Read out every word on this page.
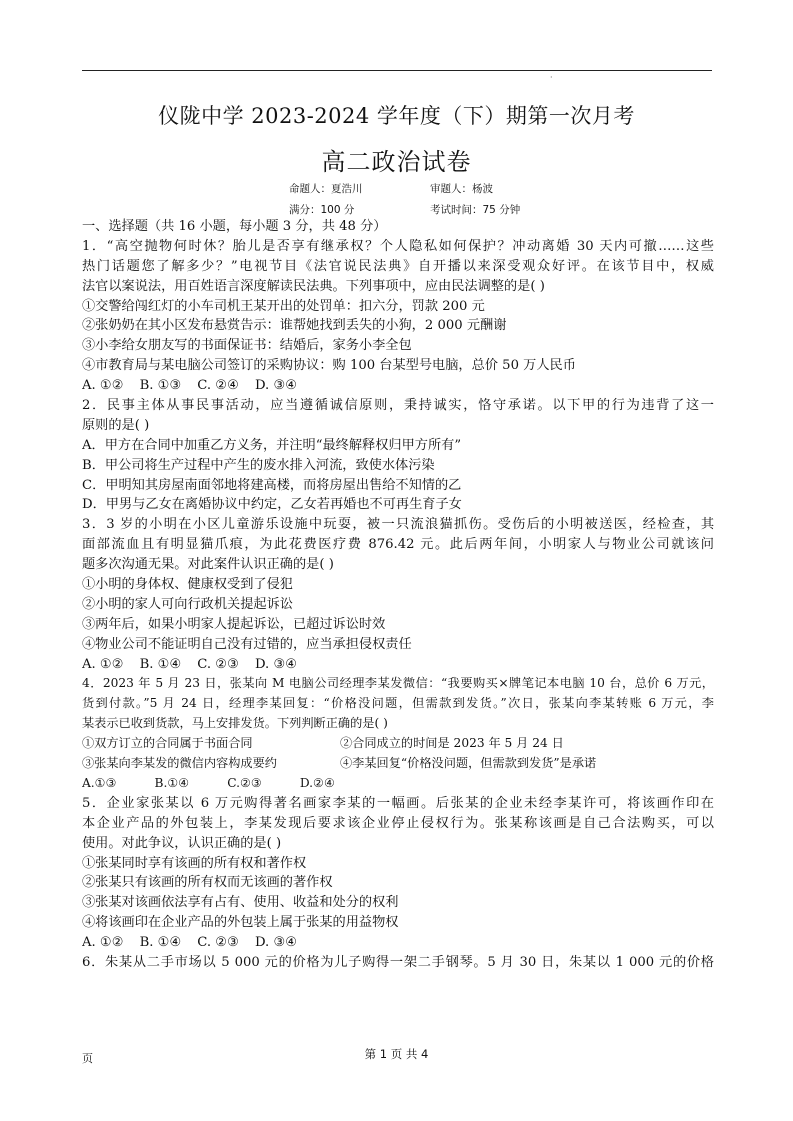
·
仪陇中学 2023-2024 学年度（下）期第一次月考
高二政治试卷
命题人：夏浩川	审题人：杨波
满分：100 分	考试时间：75 分钟
一、选择题（共 16 小题，每小题 3 分，共 48 分）
1．“高空抛物何时休？胎儿是否享有继承权？个人隐私如何保护？冲动离婚 30 天内可撤……这些
热门话题您了解多少？”电视节目《法官说民法典》自开播以来深受观众好评。在该节目中，权威
法官以案说法，用百姓语言深度解读民法典。下列事项中，应由民法调整的是( )
①交警给闯红灯的小车司机王某开出的处罚单：扣六分，罚款 200 元
②张奶奶在其小区发布悬赏告示：谁帮她找到丢失的小狗，2 000 元酬谢
③小李给女朋友写的书面保证书：结婚后，家务小李全包
④市教育局与某电脑公司签订的采购协议：购 100 台某型号电脑，总价 50 万人民币
A. ①② B. ①③ C. ②④ D. ③④
2．民事主体从事民事活动，应当遵循诚信原则，秉持诚实，恪守承诺。以下甲的行为违背了这一
原则的是( )
A．甲方在合同中加重乙方义务，并注明“最终解释权归甲方所有”
B．甲公司将生产过程中产生的废水排入河流，致使水体污染
C．甲明知其房屋南面邻地将建高楼，而将房屋出售给不知情的乙
D．甲男与乙女在离婚协议中约定，乙女若再婚也不可再生育子女
3．3 岁的小明在小区儿童游乐设施中玩耍，被一只流浪猫抓伤。受伤后的小明被送医，经检查，其
面部流血且有明显猫爪痕，为此花费医疗费 876.42 元。此后两年间，小明家人与物业公司就该问
题多次沟通无果。对此案件认识正确的是( )
①小明的身体权、健康权受到了侵犯
②小明的家人可向行政机关提起诉讼
③两年后，如果小明家人提起诉讼，已超过诉讼时效
④物业公司不能证明自己没有过错的，应当承担侵权责任
A. ①② B. ①④ C. ②③ D. ③④
4．2023 年 5 月 23 日，张某向 M 电脑公司经理李某发微信：“我要购买×牌笔记本电脑 10 台，总价 6 万元，
货到付款。”5 月 24 日，经理李某回复：“价格没问题，但需款到发货。”次日，张某向李某转账 6 万元，李
某表示已收到货款，马上安排发货。下列判断正确的是( )
①双方订立的合同属于书面合同	②合同成立的时间是 2023 年 5 月 24 日
③张某向李某发的微信内容构成要约	④李某回复“价格没问题，但需款到发货”是承诺
A.①③	B.①④	C.②③	D.②④
5．企业家张某以 6 万元购得著名画家李某的一幅画。后张某的企业未经李某许可，将该画作印在
本企业产品的外包装上，李某发现后要求该企业停止侵权行为。张某称该画是自己合法购买，可以
使用。对此争议，认识正确的是( )
①张某同时享有该画的所有权和著作权
②张某只有该画的所有权而无该画的著作权
③张某对该画依法享有占有、使用、收益和处分的权利
④将该画印在企业产品的外包装上属于张某的用益物权
A. ①② B. ①④ C. ②③ D. ③④
6．朱某从二手市场以 5 000 元的价格为儿子购得一架二手钢琴。5 月 30 日，朱某以 1 000 元的价格
页	第 1 页 共 4
